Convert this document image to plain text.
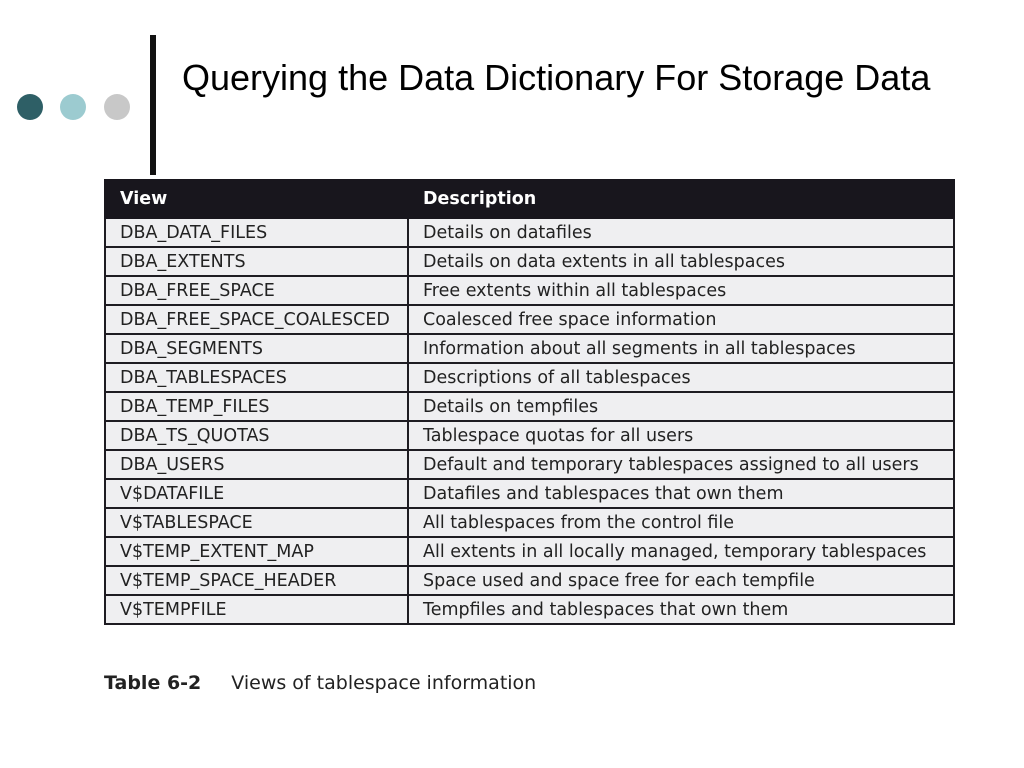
Querying the Data Dictionary For Storage Data
View	Description
DBA_DATA_FILES	Details on datafiles
DBA_EXTENTS	Details on data extents in all tablespaces
DBA_FREE_SPACE	Free extents within all tablespaces
DBA_FREE_SPACE_COALESCED	Coalesced free space information
DBA_SEGMENTS	Information about all segments in all tablespaces
DBA_TABLESPACES	Descriptions of all tablespaces
DBA_TEMP_FILES	Details on tempfiles
DBA_TS_QUOTAS	Tablespace quotas for all users
DBA_USERS	Default and temporary tablespaces assigned to all users
V$DATAFILE	Datafiles and tablespaces that own them
V$TABLESPACE	All tablespaces from the control file
V$TEMP_EXTENT_MAP	All extents in all locally managed, temporary tablespaces
V$TEMP_SPACE_HEADER	Space used and space free for each tempfile
V$TEMPFILE	Tempfiles and tablespaces that own them
Table 6-2 Views of tablespace information
